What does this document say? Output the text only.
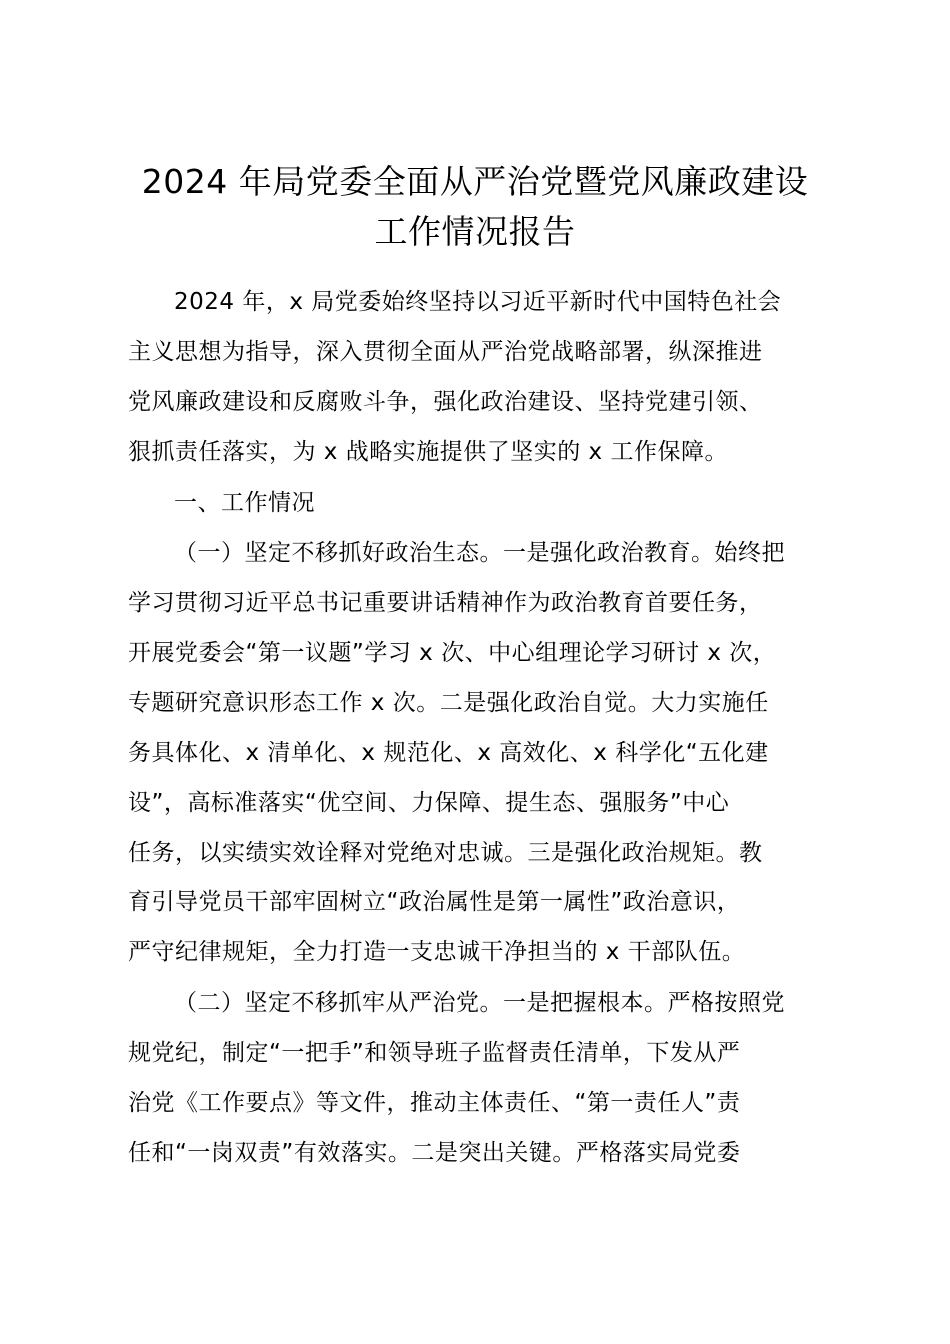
2024 年局党委全面从严治党暨党风廉政建设
工作情况报告
2024 年，x 局党委始终坚持以习近平新时代中国特色社会
主义思想为指导，深入贯彻全面从严治党战略部署，纵深推进
党风廉政建设和反腐败斗争，强化政治建设、坚持党建引领、
狠抓责任落实，为 x 战略实施提供了坚实的 x 工作保障。
一、工作情况
（一）坚定不移抓好政治生态。一是强化政治教育。始终把
学习贯彻习近平总书记重要讲话精神作为政治教育首要任务，
开展党委会“第一议题”学习 x 次、中心组理论学习研讨 x 次，
专题研究意识形态工作 x 次。二是强化政治自觉。大力实施任
务具体化、x 清单化、x 规范化、x 高效化、x 科学化“五化建
设”，高标准落实“优空间、力保障、提生态、强服务”中心
任务，以实绩实效诠释对党绝对忠诚。三是强化政治规矩。教
育引导党员干部牢固树立“政治属性是第一属性”政治意识，
严守纪律规矩，全力打造一支忠诚干净担当的 x 干部队伍。
（二）坚定不移抓牢从严治党。一是把握根本。严格按照党
规党纪，制定“一把手”和领导班子监督责任清单，下发从严
治党《工作要点》等文件，推动主体责任、“第一责任人”责
任和“一岗双责”有效落实。二是突出关键。严格落实局党委
